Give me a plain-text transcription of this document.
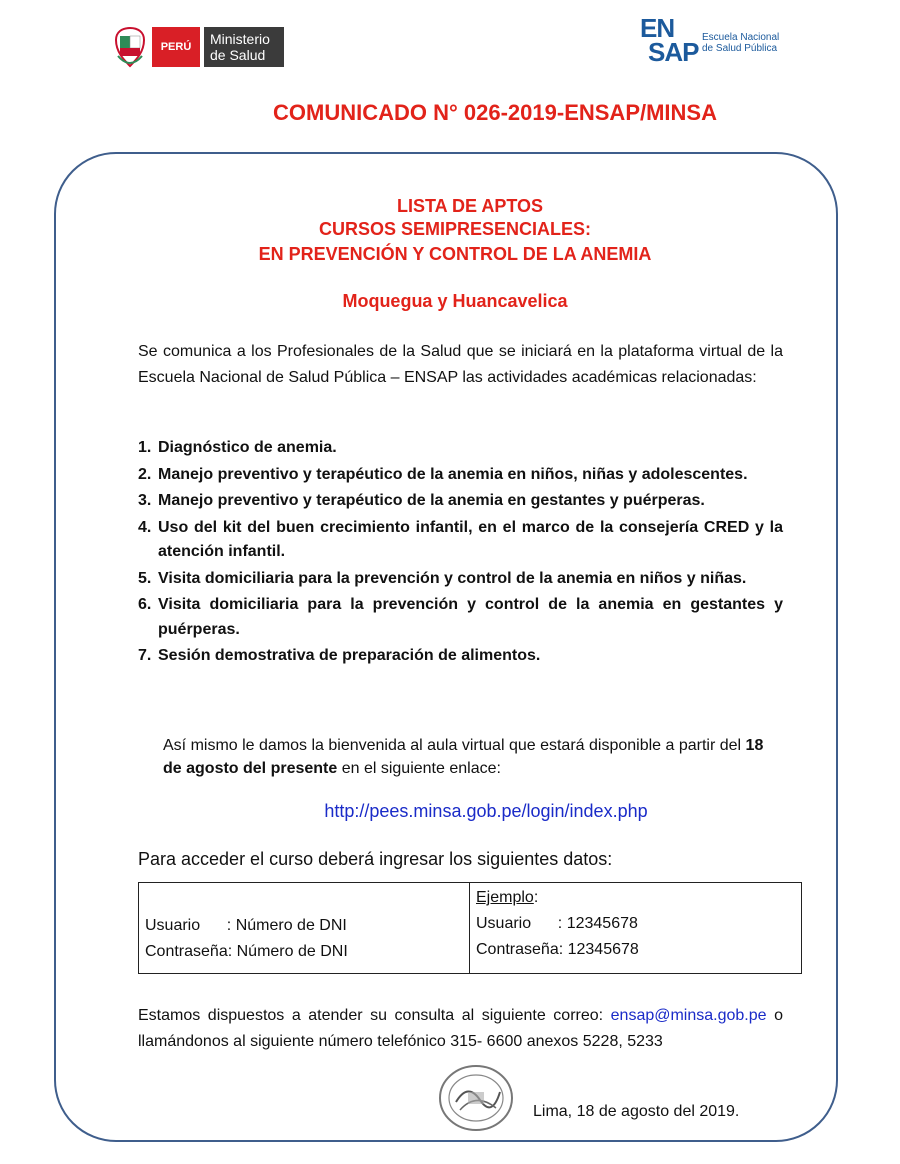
PERÚ	Ministerio
de Salud
EN
SAP Escuela Nacional
de Salud Pública
COMUNICADO N° 026-2019-ENSAP/MINSA
LISTA DE APTOS
CURSOS SEMIPRESENCIALES:
EN PREVENCIÓN Y CONTROL DE LA ANEMIA
Moquegua y Huancavelica
Se comunica a los Profesionales de la Salud que se iniciará en la plataforma virtual de la Escuela Nacional de Salud Pública – ENSAP las actividades académicas relacionadas:
1. Diagnóstico de anemia.
2. Manejo preventivo y terapéutico de la anemia en niños, niñas y adolescentes.
3. Manejo preventivo y terapéutico de la anemia en gestantes y puérperas.
4. Uso del kit del buen crecimiento infantil, en el marco de la consejería CRED y la atención infantil.
5. Visita domiciliaria para la prevención y control de la anemia en niños y niñas.
6. Visita domiciliaria para la prevención y control de la anemia en gestantes y puérperas.
7. Sesión demostrativa de preparación de alimentos.
Así mismo le damos la bienvenida al aula virtual que estará disponible a partir del 18 de agosto del presente en el siguiente enlace:
http://pees.minsa.gob.pe/login/index.php
Para acceder el curso deberá ingresar los siguientes datos:
Usuario      : Número de DNI
Contraseña: Número de DNI
Ejemplo:
Usuario      : 12345678
Contraseña: 12345678
Estamos dispuestos a atender su consulta al siguiente correo: ensap@minsa.gob.pe o llamándonos al siguiente número telefónico 315- 6600 anexos 5228, 5233
Lima, 18 de agosto del 2019.
